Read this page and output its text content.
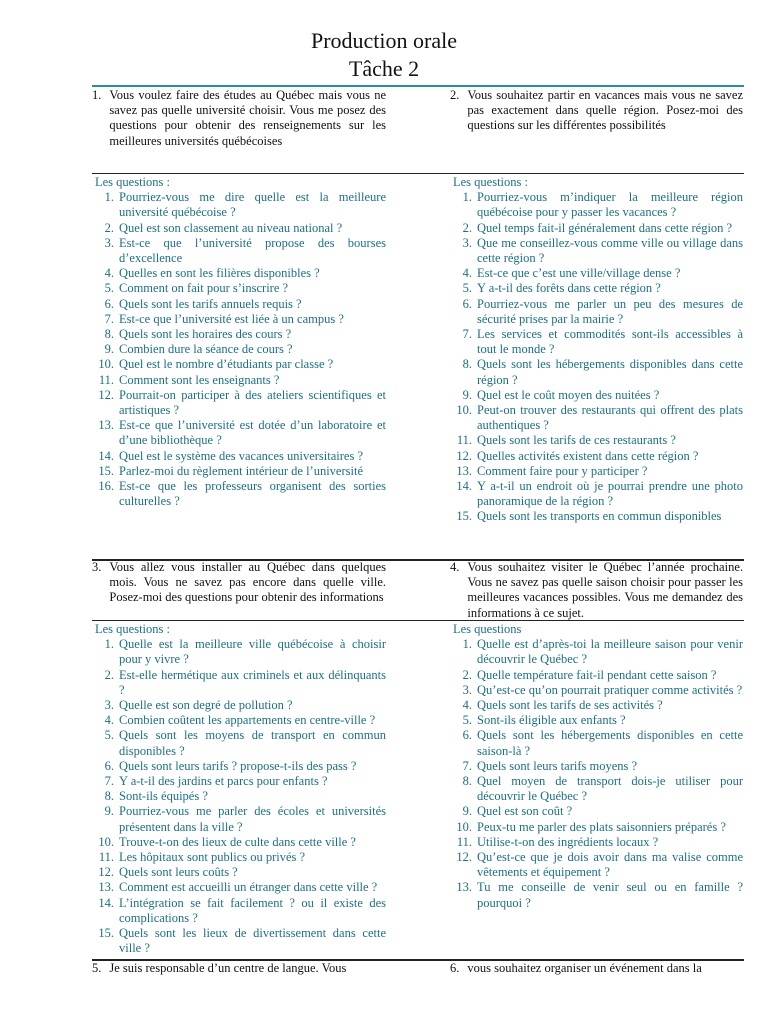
Production orale
Tâche 2
1. Vous voulez faire des études au Québec mais vous ne savez pas quelle université choisir. Vous me posez des questions pour obtenir des renseignements sur les meilleures universités québécoises
2. Vous souhaitez partir en vacances mais vous ne savez pas exactement dans quelle région. Posez-moi des questions sur les différentes possibilités
Les questions :
1. Pourriez-vous me dire quelle est la meilleure université québécoise ?
2. Quel est son classement au niveau national ?
3. Est-ce que l’université propose des bourses d’excellence
4. Quelles en sont les filières disponibles ?
5. Comment on fait pour s’inscrire ?
6. Quels sont les tarifs annuels requis ?
7. Est-ce que l’université est liée à un campus ?
8. Quels sont les horaires des cours ?
9. Combien dure la séance de cours ?
10. Quel est le nombre d’étudiants par classe ?
11. Comment sont les enseignants ?
12. Pourrait-on participer à des ateliers scientifiques et artistiques ?
13. Est-ce que l’université est dotée d’un laboratoire et d’une bibliothèque ?
14. Quel est le système des vacances universitaires ?
15. Parlez-moi du règlement intérieur de l’université
16. Est-ce que les professeurs organisent des sorties culturelles ?
Les questions :
1. Pourriez-vous m’indiquer la meilleure région québécoise pour y passer les vacances ?
2. Quel temps fait-il généralement dans cette région ?
3. Que me conseillez-vous comme ville ou village dans cette région ?
4. Est-ce que c’est une ville/village dense ?
5. Y a-t-il des forêts dans cette région ?
6. Pourriez-vous me parler un peu des mesures de sécurité prises par la mairie ?
7. Les services et commodités sont-ils accessibles à tout le monde ?
8. Quels sont les hébergements disponibles dans cette région ?
9. Quel est le coût moyen des nuitées ?
10. Peut-on trouver des restaurants qui offrent des plats authentiques ?
11. Quels sont les tarifs de ces restaurants ?
12. Quelles activités existent dans cette région ?
13. Comment faire pour y participer ?
14. Y a-t-il un endroit où je pourrai prendre une photo panoramique de la région ?
15. Quels sont les transports en commun disponibles
3. Vous allez vous installer au Québec dans quelques mois. Vous ne savez pas encore dans quelle ville. Posez-moi des questions pour obtenir des informations
4. Vous souhaitez visiter le Québec l’année prochaine. Vous ne savez pas quelle saison choisir pour passer les meilleures vacances possibles. Vous me demandez des informations à ce sujet.
Les questions :
1. Quelle est la meilleure ville québécoise à choisir pour y vivre ?
2. Est-elle hermétique aux criminels et aux délinquants ?
3. Quelle est son degré de pollution ?
4. Combien coûtent les appartements en centre-ville ?
5. Quels sont les moyens de transport en commun disponibles ?
6. Quels sont leurs tarifs ? propose-t-ils des pass ?
7. Y a-t-il des jardins et parcs pour enfants ?
8. Sont-ils équipés ?
9. Pourriez-vous me parler des écoles et universités présentent dans la ville ?
10. Trouve-t-on des lieux de culte dans cette ville ?
11. Les hôpitaux sont publics ou privés ?
12. Quels sont leurs coûts ?
13. Comment est accueilli un étranger dans cette ville ?
14. L’intégration se fait facilement ? ou il existe des complications ?
15. Quels sont les lieux de divertissement dans cette ville ?
Les questions
1. Quelle est d’après-toi la meilleure saison pour venir découvrir le Québec ?
2. Quelle température fait-il pendant cette saison ?
3. Qu’est-ce qu’on pourrait pratiquer comme activités ?
4. Quels sont les tarifs de ses activités ?
5. Sont-ils éligible aux enfants ?
6. Quels sont les hébergements disponibles en cette saison-là ?
7. Quels sont leurs tarifs moyens ?
8. Quel moyen de transport dois-je utiliser pour découvrir le Québec ?
9. Quel est son coût ?
10. Peux-tu me parler des plats saisonniers préparés ?
11. Utilise-t-on des ingrédients locaux ?
12. Qu’est-ce que je dois avoir dans ma valise comme vêtements et équipement ?
13. Tu me conseille de venir seul ou en famille ? pourquoi ?
5. Je suis responsable d’un centre de langue. Vous	6. vous souhaitez organiser un événement dans la
